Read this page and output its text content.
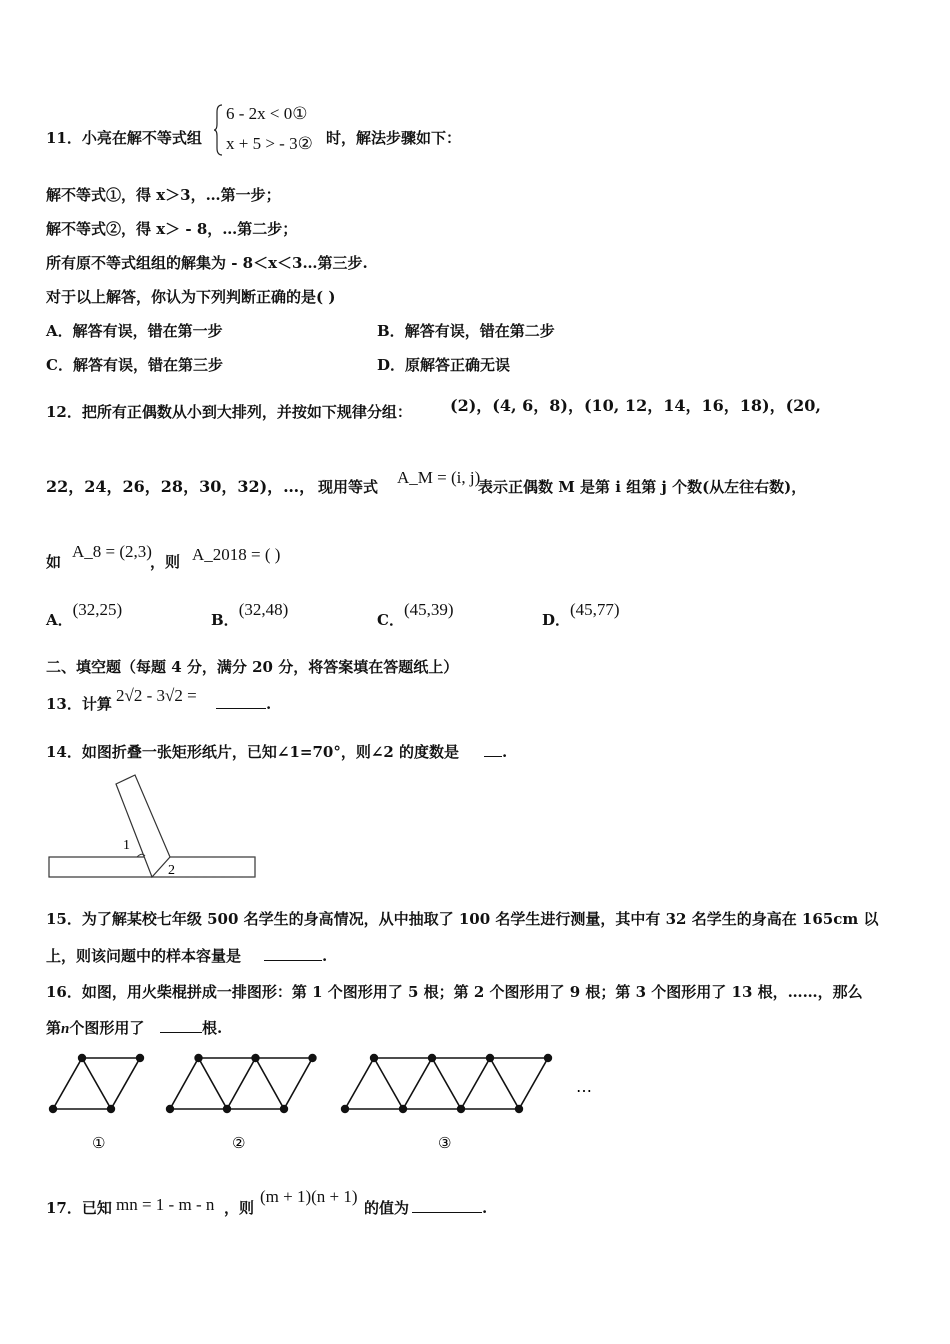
11．小亮在解不等式组
6 - 2x < 0①
x + 5 > - 3② 时，解法步骤如下：
解不等式①，得 x＞3，…第一步；
解不等式②，得 x＞ - 8，…第二步；
所有原不等式组组的解集为 - 8＜x＜3…第三步.
对于以上解答，你认为下列判断正确的是( )
A．解答有误，错在第一步	B．解答有误，错在第二步
C．解答有误，错在第三步	D．原解答正确无误
12．把所有正偶数从小到大排列，并按如下规律分组： (2)，(4, 6，8)，(10, 12，14，16，18)，(20,
22，24，26，28，30，32)，…， 现用等式 A_M = (i, j)
表示正偶数 M 是第 i 组第 j 个数(从左往右数)，
如
A_8 = (2,3)
，则 A_2018 = ( )
A．(32,25)
B．(32,48)
C．(45,39)
D．(45,77)
二、填空题（每题 4 分，满分 20 分，将答案填在答题纸上）
13．计算 2√2 - 3√2 =	.
14．如图折叠一张矩形纸片，已知∠1=70°，则∠2 的度数是	.
1
2
15．为了解某校七年级 500 名学生的身高情况，从中抽取了 100 名学生进行测量，其中有 32 名学生的身高在 165cm 以
上，则该问题中的样本容量是	.
16．如图，用火柴棍拼成一排图形：第 1 个图形用了 5 根；第 2 个图形用了 9 根；第 3 个图形用了 13 根，……，那么
第n个图形用了	根.
①	②	③
…
17．已知 mn = 1 - m - n ，则
(m + 1)(n + 1)
的值为	.
